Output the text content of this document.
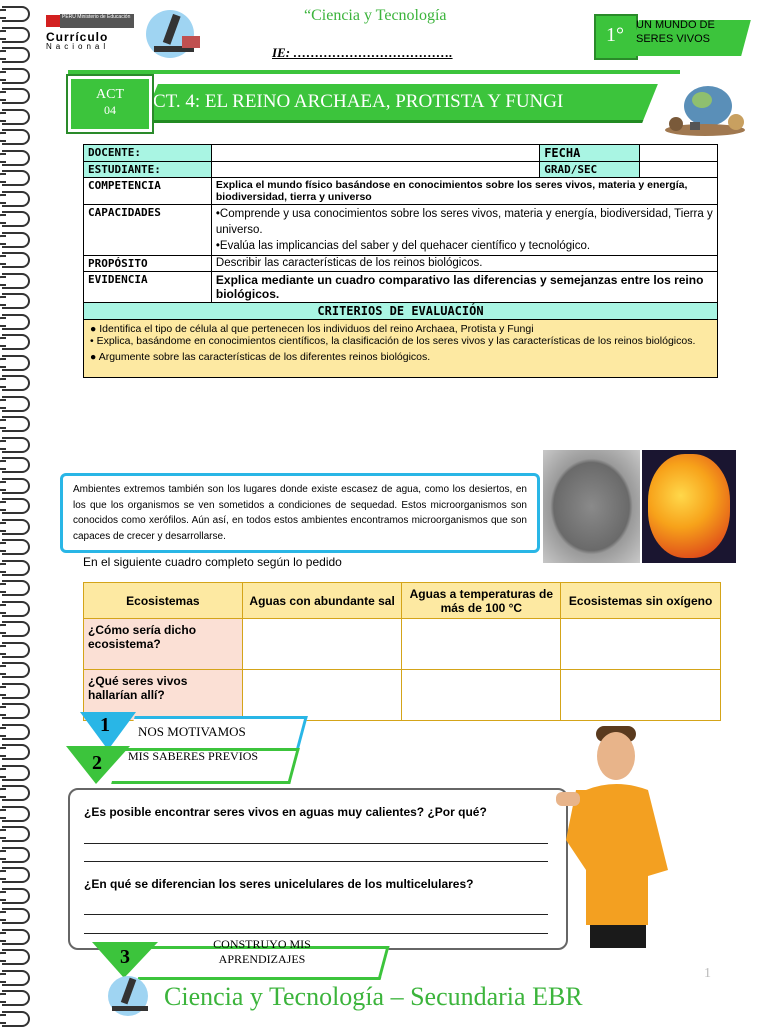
PERÚ Ministerio de Educación
Currículo
Nacional
“Ciencia y Tecnología
IE: ……………………………….
1° UN MUNDO DE SERES VIVOS
CT. 4: EL REINO ARCHAEA, PROTISTA Y FUNGI
ACT
04
DOCENTE:		FECHA	
ESTUDIANTE:		GRAD/SEC	
COMPETENCIA	Explica el mundo físico basándose en conocimientos sobre los seres vivos, materia y energía, biodiversidad, tierra y universo		
CAPACIDADES	•Comprende y usa conocimientos sobre los seres vivos, materia y energía, biodiversidad, Tierra y universo.
•Evalúa las implicancias del saber y del quehacer científico y tecnológico.		

PROPÓSITO	Describir las características de los reinos biológicos.		
EVIDENCIA	Explica mediante un cuadro comparativo las diferencias y semejanzas entre los reino biológicos.		
CRITERIOS DE EVALUACIÓN			

● Identifica el tipo de célula al que pertenecen los individuos del reino Archaea, Protista y Fungi
• Explica, basándome en conocimientos científicos, la clasificación de los seres vivos y las características de los reinos biológicos.
● Argumente sobre las características de los diferentes reinos biológicos.			
Ambientes extremos también son los lugares donde existe escasez de agua, como los desiertos, en los que los organismos se ven sometidos a condiciones de sequedad. Estos microorganismos son conocidos como xerófilos. Aún así, en todos estos ambientes encontramos microorganismos que son capaces de crecer y desarrollarse.
En el siguiente cuadro completo según lo pedido
Ecosistemas	Aguas con abundante sal	Aguas a temperaturas de más de 100 °C	Ecosistemas sin oxígeno
¿Cómo sería dicho ecosistema?			
¿Qué seres vivos hallarían allí?			
1 NOS MOTIVAMOS
2 MIS SABERES PREVIOS
¿Es posible encontrar seres vivos en aguas muy calientes? ¿Por qué?
¿En qué se diferencian los seres unicelulares de los multicelulares?
3
CONSTRUYO MIS APRENDIZAJES
Ciencia y Tecnología – Secundaria EBR
1
